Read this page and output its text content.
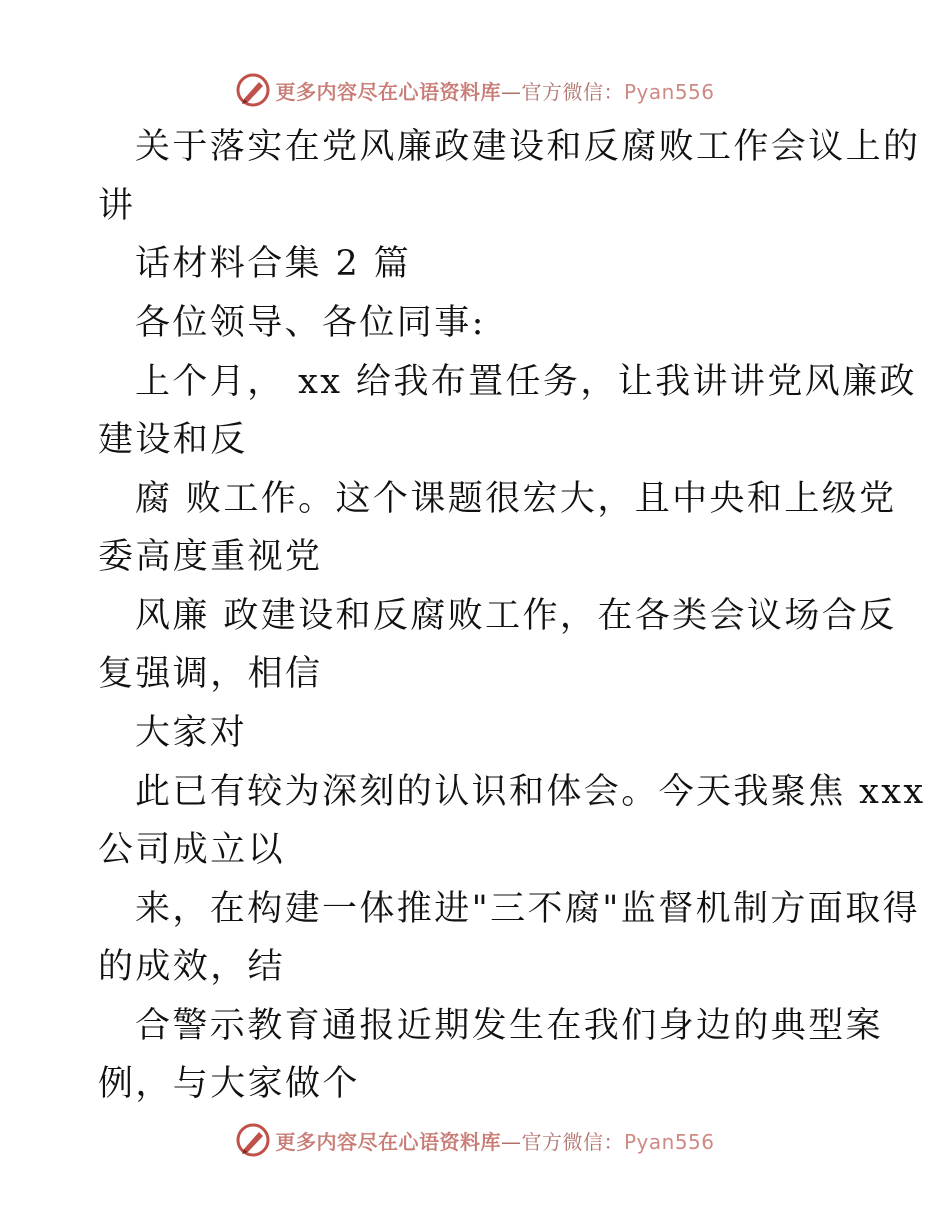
更多内容尽在心语资料库—官方微信：Pyan556
关于落实在党风廉政建设和反腐败工作会议上的
讲
话材料合集 2 篇
各位领导、各位同事:
上个月， xx 给我布置任务，让我讲讲党风廉政
建设和反
腐 败工作。这个课题很宏大，且中央和上级党
委高度重视党
风廉 政建设和反腐败工作，在各类会议场合反
复强调，相信
大家对
此已有较为深刻的认识和体会。今天我聚焦 xxx
公司成立以
来，在构建一体推进"三不腐"监督机制方面取得
的成效，结
合警示教育通报近期发生在我们身边的典型案
例，与大家做个
更多内容尽在心语资料库—官方微信：Pyan556
